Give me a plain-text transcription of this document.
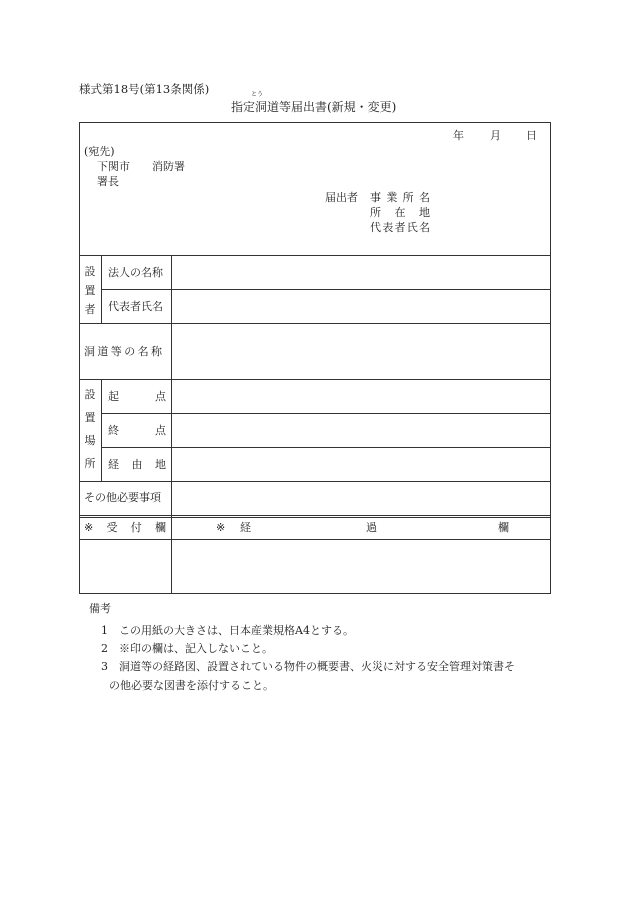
様式第18号(第13条関係)	とう
指定洞道等届出書(新規・変更)
年 月 日
(宛先)
下関市　　消防署
署長
届出者 事 業 所 名
所 在 地
代 表 者 氏 名
設
置
者
法人の名称
代表者氏名
洞道等の名称
設
置
場
所
起	点
終	点
経 由 地
その他必要事項
※ 受 付 欄	※ 経	過	欄
備考
1 この用紙の大きさは、日本産業規格A4とする。
2 ※印の欄は、記入しないこと。
3 洞道等の経路図、設置されている物件の概要書、火災に対する安全管理対策書そ
の他必要な図書を添付すること。
